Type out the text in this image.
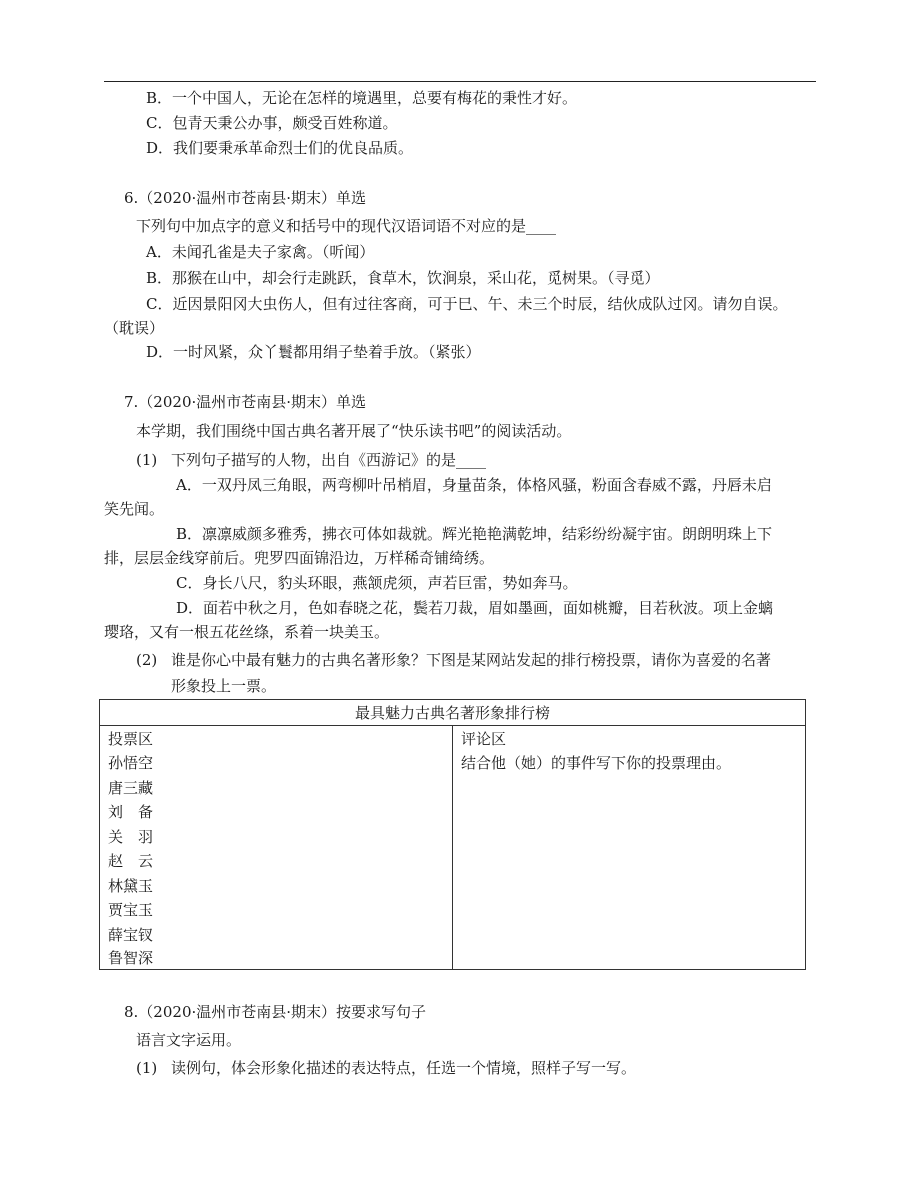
B．一个中国人，无论在怎样的境遇里，总要有梅花的秉性才好。
C．包青天秉公办事，颇受百姓称道。
D．我们要秉承革命烈士们的优良品质。
6.（2020·温州市苍南县·期末）单选
下列句中加点字的意义和括号中的现代汉语词语不对应的是____
A．未闻孔雀是夫子家禽。（听闻）
B．那猴在山中，却会行走跳跃，食草木，饮涧泉，采山花，觅树果。（寻觅）
C．近因景阳冈大虫伤人，但有过往客商，可于巳、午、未三个时辰，结伙成队过冈。请勿自误。
（耽误）
D．一时风紧，众丫鬟都用绢子垫着手放。（紧张）
7.（2020·温州市苍南县·期末）单选
本学期，我们围绕中国古典名著开展了“快乐读书吧”的阅读活动。
(1) 下列句子描写的人物，出自《西游记》的是____
A．一双丹凤三角眼，两弯柳叶吊梢眉，身量苗条，体格风骚，粉面含春威不露，丹唇未启
笑先闻。
B．凛凛威颜多雅秀，拂衣可体如裁就。辉光艳艳满乾坤，结彩纷纷凝宇宙。朗朗明珠上下
排，层层金线穿前后。兜罗四面锦沿边，万样稀奇铺绮绣。
C．身长八尺，豹头环眼，燕颔虎须，声若巨雷，势如奔马。
D．面若中秋之月，色如春晓之花，鬓若刀裁，眉如墨画，面如桃瓣，目若秋波。项上金螭
璎珞，又有一根五花丝绦，系着一块美玉。
(2) 谁是你心中最有魅力的古典名著形象？下图是某网站发起的排行榜投票，请你为喜爱的名著
形象投上一票。
最具魅力古典名著形象排行榜
投票区
孙悟空
唐三藏
刘　备
关　羽
赵　云
林黛玉
贾宝玉
薛宝钗
鲁智深
评论区
结合他（她）的事件写下你的投票理由。
8.（2020·温州市苍南县·期末）按要求写句子
语言文字运用。
(1) 读例句，体会形象化描述的表达特点，任选一个情境，照样子写一写。
